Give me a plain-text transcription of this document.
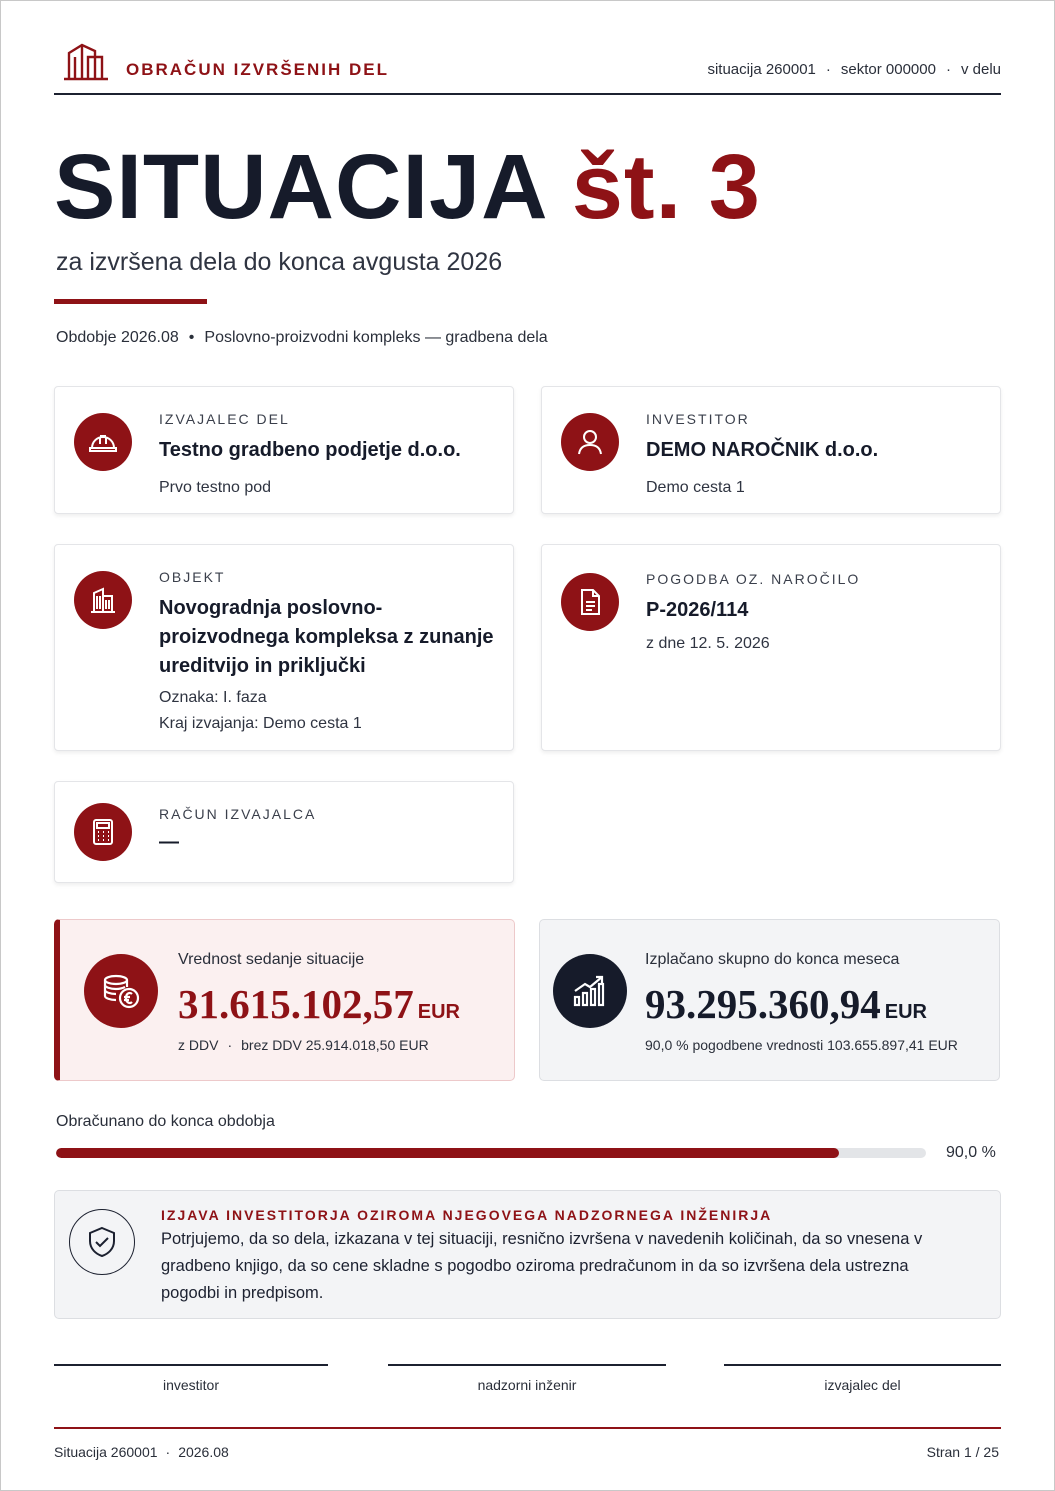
OBRAČUN IZVRŠENIH DEL	situacija 260001 · sektor 000000 · v delu
SITUACIJA št. 3
za izvršena dela do konca avgusta 2026
Obdobje 2026.08 • Poslovno-proizvodni kompleks — gradbena dela
IZVAJALEC DEL
Testno gradbeno podjetje d.o.o.
Prvo testno pod
INVESTITOR
DEMO NAROČNIK d.o.o.
Demo cesta 1
OBJEKT
Novogradnja poslovno-proizvodnega kompleksa z zunanje ureditvijo in priključki
Oznaka: I. faza
Kraj izvajanja: Demo cesta 1
POGODBA OZ. NAROČILO
P-2026/114
z dne 12. 5. 2026
RAČUN IZVAJALCA
—
Vrednost sedanje situacije
31.615.102,57 EUR
z DDV · brez DDV 25.914.018,50 EUR
Izplačano skupno do konca meseca
93.295.360,94 EUR
90,0 % pogodbene vrednosti 103.655.897,41 EUR
Obračunano do konca obdobja
90,0 %
IZJAVA INVESTITORJA OZIROMA NJEGOVEGA NADZORNEGA INŽENIRJA
Potrjujemo, da so dela, izkazana v tej situaciji, resnično izvršena v navedenih količinah, da so vnesena v gradbeno knjigo, da so cene skladne s pogodbo oziroma predračunom in da so izvršena dela ustrezna pogodbi in predpisom.
investitor	nadzorni inženir	izvajalec del
Situacija 260001 · 2026.08	Stran 1 / 25
